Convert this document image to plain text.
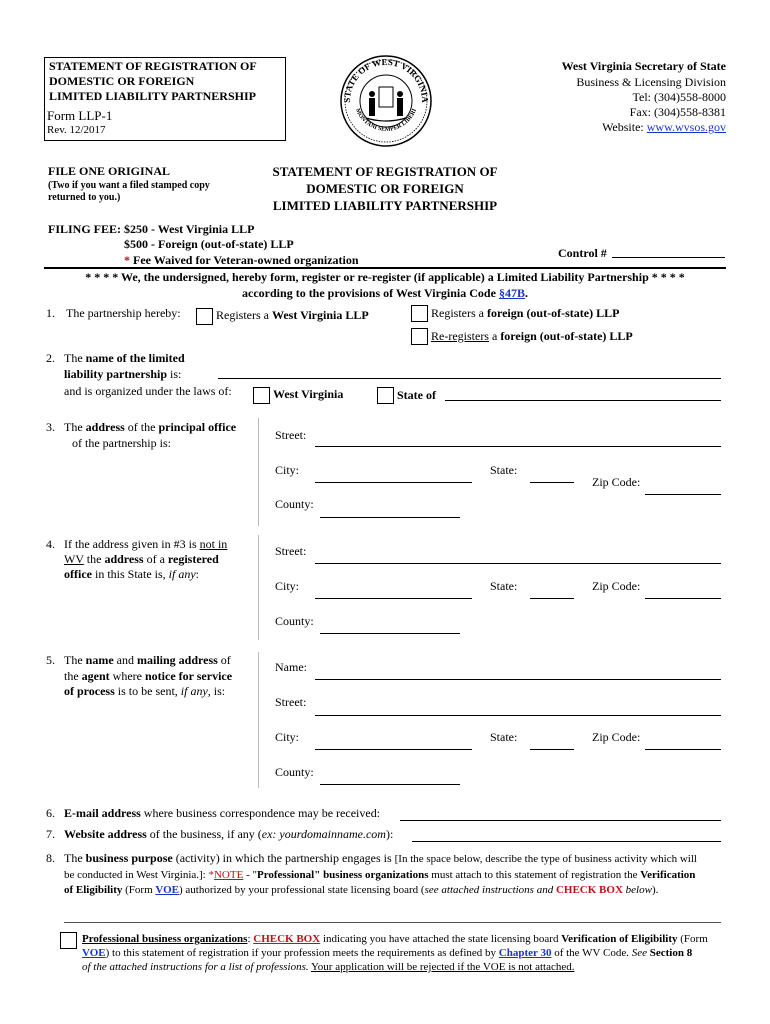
STATEMENT OF REGISTRATION OF
DOMESTIC OR FOREIGN
LIMITED LIABILITY PARTNERSHIP
Form LLP-1
Rev. 12/2017
STATE OF WEST VIRGINIA
MONTANI SEMPER LIBERI
West Virginia Secretary of State
Business & Licensing Division
Tel: (304)558-8000
Fax: (304)558-8381
Website: www.wvsos.gov
FILE ONE ORIGINAL
(Two if you want a filed stamped copy returned to you.)
STATEMENT OF REGISTRATION OF
DOMESTIC OR FOREIGN
LIMITED LIABILITY PARTNERSHIP
FILING FEE: $250 - West Virginia LLP
$500 - Foreign (out-of-state) LLP
* Fee Waived for Veteran-owned organization	Control #
* * * * We, the undersigned, hereby form, register or re-register (if applicable) a Limited Liability Partnership * * * *
according to the provisions of West Virginia Code §47B.
1. The partnership hereby:	Registers a West Virginia LLP	Registers a foreign (out-of-state) LLP
Re-registers a foreign (out-of-state) LLP
2. The name of the limited
liability partnership is:
and is organized under the laws of:	West Virginia	State of
3. The address of the principal office
of the partnership is:
Street:
City:	State:
Zip Code:
County:
4. If the address given in #3 is not in
WV the address of a registered
office in this State is, if any:
Street:
City:	State:	Zip Code:
County:
5. The name and mailing address of
the agent where notice for service
of process is to be sent, if any, is:
Name:
Street:
City:	State:	Zip Code:
County:
6. E-mail address where business correspondence may be received:
7. Website address of the business, if any (ex: yourdomainname.com):
8. The business purpose (activity) in which the partnership engages is [In the space below, describe the type of business activity which will
be conducted in West Virginia.]: *NOTE - "Professional" business organizations must attach to this statement of registration the Verification
of Eligibility (Form VOE) authorized by your professional state licensing board (see attached instructions and CHECK BOX below).
Professional business organizations: CHECK BOX indicating you have attached the state licensing board Verification of Eligibility (Form
VOE) to this statement of registration if your profession meets the requirements as defined by Chapter 30 of the WV Code. See Section 8
of the attached instructions for a list of professions. Your application will be rejected if the VOE is not attached.
